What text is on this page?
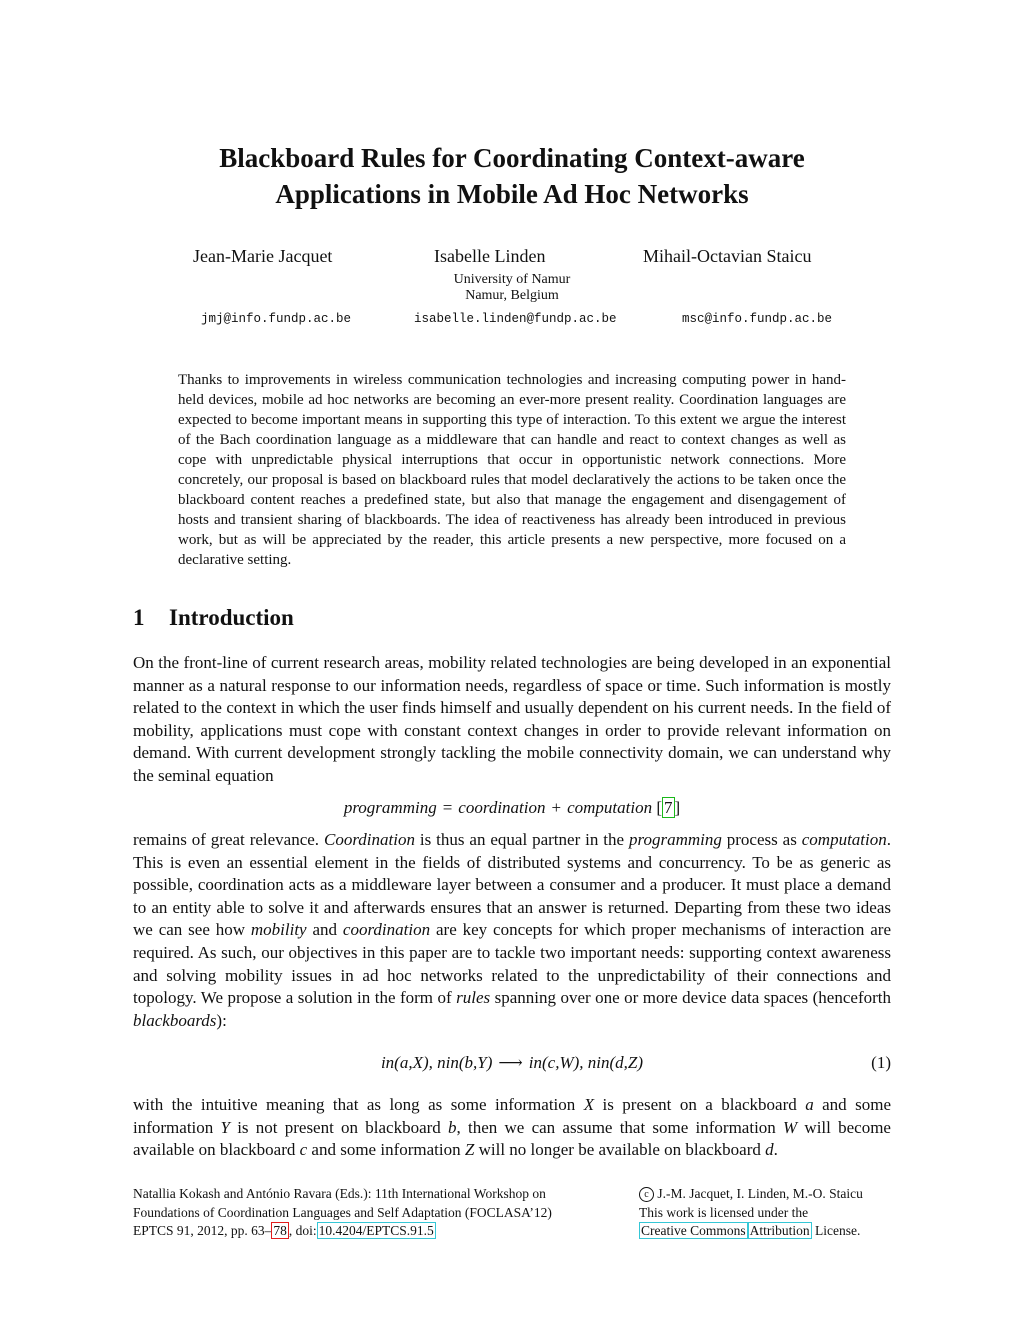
Blackboard Rules for Coordinating Context-aware
Applications in Mobile Ad Hoc Networks
Jean-Marie Jacquet	Isabelle Linden	Mihail-Octavian Staicu
University of Namur
Namur, Belgium
jmj@info.fundp.ac.be	isabelle.linden@fundp.ac.be	msc@info.fundp.ac.be
Thanks to improvements in wireless communication technologies and increasing computing power in hand-held devices, mobile ad hoc networks are becoming an ever-more present reality. Coordination languages are expected to become important means in supporting this type of interaction. To this extent we argue the interest of the Bach coordination language as a middleware that can handle and react to context changes as well as cope with unpredictable physical interruptions that occur in opportunistic network connections. More concretely, our proposal is based on blackboard rules that model declaratively the actions to be taken once the blackboard content reaches a predefined state, but also that manage the engagement and disengagement of hosts and transient sharing of blackboards. The idea of reactiveness has already been introduced in previous work, but as will be appreciated by the reader, this article presents a new perspective, more focused on a declarative setting.
1 Introduction
On the front-line of current research areas, mobility related technologies are being developed in an exponential manner as a natural response to our information needs, regardless of space or time. Such information is mostly related to the context in which the user finds himself and usually dependent on his current needs. In the field of mobility, applications must cope with constant context changes in order to provide relevant information on demand. With current development strongly tackling the mobile connectivity domain, we can understand why the seminal equation
programming = coordination + computation [ 7 ]
remains of great relevance. Coordination is thus an equal partner in the programming process as computation. This is even an essential element in the fields of distributed systems and concurrency. To be as generic as possible, coordination acts as a middleware layer between a consumer and a producer. It must place a demand to an entity able to solve it and afterwards ensures that an answer is returned. Departing from these two ideas we can see how mobility and coordination are key concepts for which proper mechanisms of interaction are required. As such, our objectives in this paper are to tackle two important needs: supporting context awareness and solving mobility issues in ad hoc networks related to the unpredictability of their connections and topology. We propose a solution in the form of rules spanning over one or more device data spaces (henceforth blackboards):
in(a,X), nin(b,Y) ⟶ in(c,W), nin(d,Z)	(1)
with the intuitive meaning that as long as some information X is present on a blackboard a and some information Y is not present on blackboard b, then we can assume that some information W will become available on blackboard c and some information Z will no longer be available on blackboard d.
Natallia Kokash and António Ravara (Eds.): 11th International Workshop on
Foundations of Coordination Languages and Self Adaptation (FOCLASA’12)
EPTCS 91, 2012, pp. 63– 78 , doi: 10.4204/EPTCS.91.5
c J.-M. Jacquet, I. Linden, M.-O. Staicu
This work is licensed under the
Creative Commons Attribution License.
